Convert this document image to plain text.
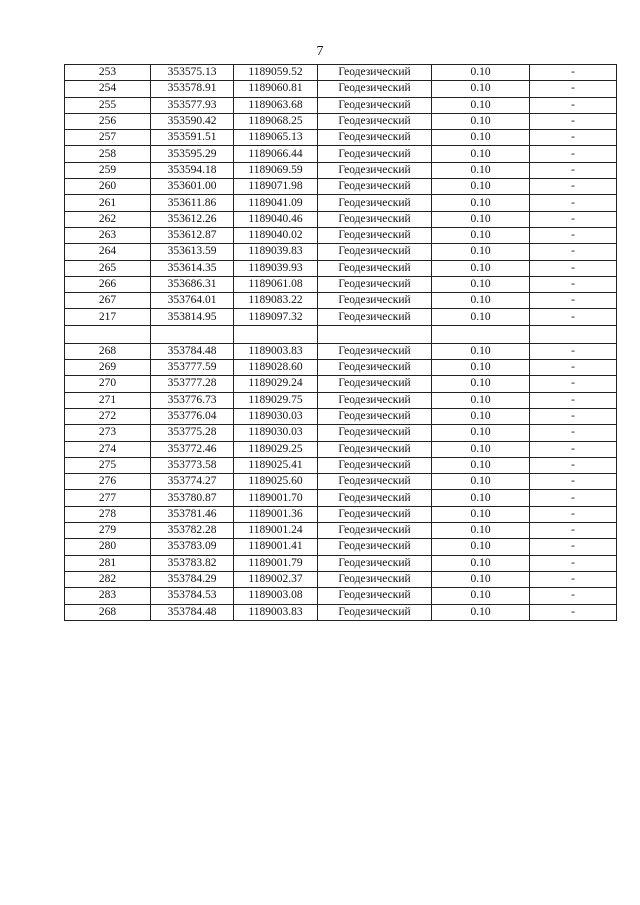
7
253	353575.13	1189059.52	Геодезический	0.10	-
254	353578.91	1189060.81	Геодезический	0.10	-
255	353577.93	1189063.68	Геодезический	0.10	-
256	353590.42	1189068.25	Геодезический	0.10	-
257	353591.51	1189065.13	Геодезический	0.10	-
258	353595.29	1189066.44	Геодезический	0.10	-
259	353594.18	1189069.59	Геодезический	0.10	-
260	353601.00	1189071.98	Геодезический	0.10	-
261	353611.86	1189041.09	Геодезический	0.10	-
262	353612.26	1189040.46	Геодезический	0.10	-
263	353612.87	1189040.02	Геодезический	0.10	-
264	353613.59	1189039.83	Геодезический	0.10	-
265	353614.35	1189039.93	Геодезический	0.10	-
266	353686.31	1189061.08	Геодезический	0.10	-
267	353764.01	1189083.22	Геодезический	0.10	-
217	353814.95	1189097.32	Геодезический	0.10	-

268	353784.48	1189003.83	Геодезический	0.10	-
269	353777.59	1189028.60	Геодезический	0.10	-
270	353777.28	1189029.24	Геодезический	0.10	-
271	353776.73	1189029.75	Геодезический	0.10	-
272	353776.04	1189030.03	Геодезический	0.10	-
273	353775.28	1189030.03	Геодезический	0.10	-
274	353772.46	1189029.25	Геодезический	0.10	-
275	353773.58	1189025.41	Геодезический	0.10	-
276	353774.27	1189025.60	Геодезический	0.10	-
277	353780.87	1189001.70	Геодезический	0.10	-
278	353781.46	1189001.36	Геодезический	0.10	-
279	353782.28	1189001.24	Геодезический	0.10	-
280	353783.09	1189001.41	Геодезический	0.10	-
281	353783.82	1189001.79	Геодезический	0.10	-
282	353784.29	1189002.37	Геодезический	0.10	-
283	353784.53	1189003.08	Геодезический	0.10	-
268	353784.48	1189003.83	Геодезический	0.10	-
